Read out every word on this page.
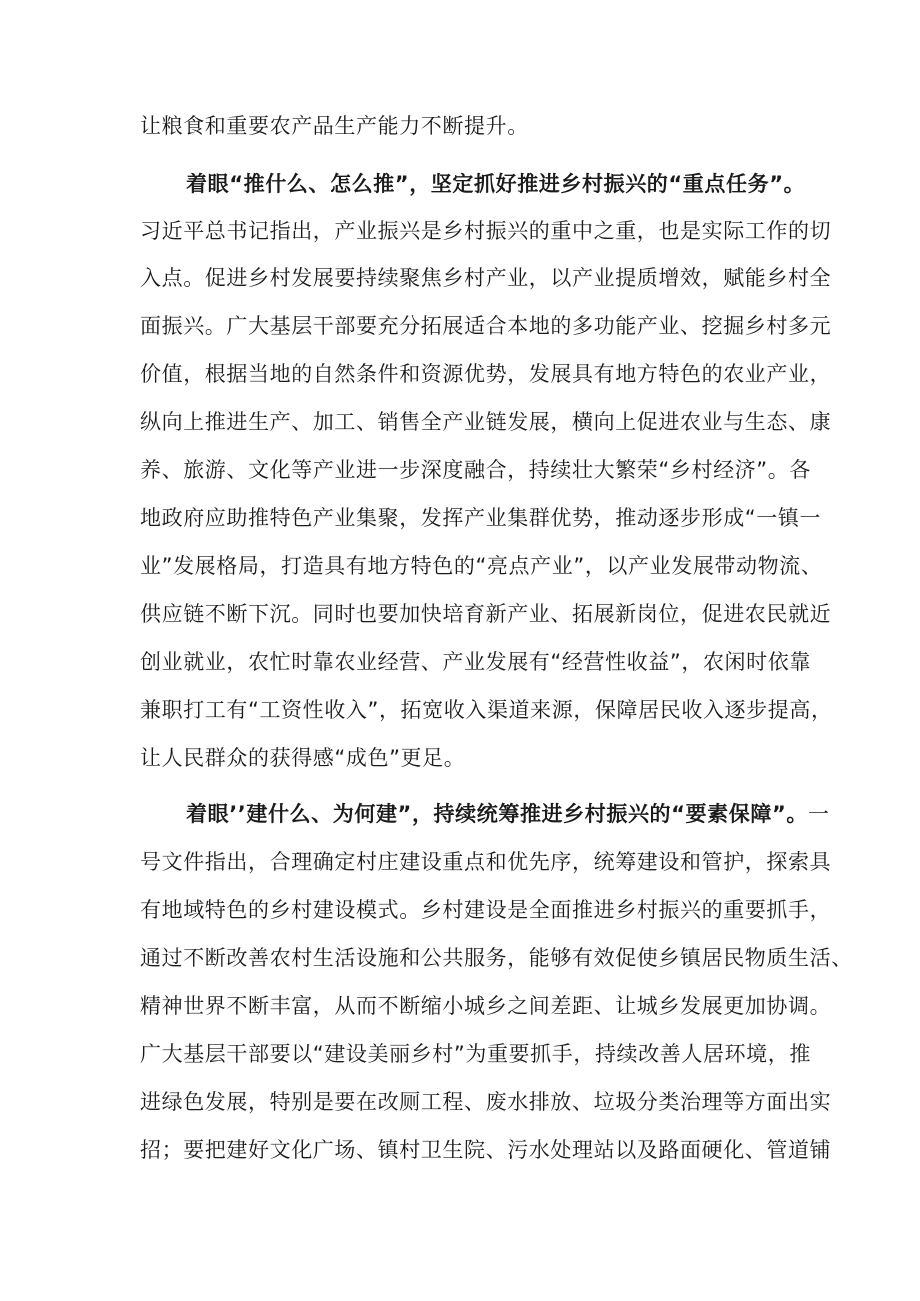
让粮食和重要农产品生产能力不断提升。
着眼“推什么、怎么推”，坚定抓好推进乡村振兴的“重点任务”。
习近平总书记指出，产业振兴是乡村振兴的重中之重，也是实际工作的切
入点。促进乡村发展要持续聚焦乡村产业，以产业提质增效，赋能乡村全
面振兴。广大基层干部要充分拓展适合本地的多功能产业、挖掘乡村多元
价值，根据当地的自然条件和资源优势，发展具有地方特色的农业产业，
纵向上推进生产、加工、销售全产业链发展，横向上促进农业与生态、康
养、旅游、文化等产业进一步深度融合，持续壮大繁荣“乡村经济”。各
地政府应助推特色产业集聚，发挥产业集群优势，推动逐步形成“一镇一
业”发展格局，打造具有地方特色的“亮点产业”，以产业发展带动物流、
供应链不断下沉。同时也要加快培育新产业、拓展新岗位，促进农民就近
创业就业，农忙时靠农业经营、产业发展有“经营性收益”，农闲时依靠
兼职打工有“工资性收入”，拓宽收入渠道来源，保障居民收入逐步提高，
让人民群众的获得感“成色”更足。
着眼’’建什么、为何建”，持续统筹推进乡村振兴的“要素保障”。一
号文件指出，合理确定村庄建设重点和优先序，统筹建设和管护，探索具
有地域特色的乡村建设模式。乡村建设是全面推进乡村振兴的重要抓手，
通过不断改善农村生活设施和公共服务，能够有效促使乡镇居民物质生活、
精神世界不断丰富，从而不断缩小城乡之间差距、让城乡发展更加协调。
广大基层干部要以“建设美丽乡村”为重要抓手，持续改善人居环境，推
进绿色发展，特别是要在改厕工程、废水排放、垃圾分类治理等方面出实
招；要把建好文化广场、镇村卫生院、污水处理站以及路面硬化、管道铺
